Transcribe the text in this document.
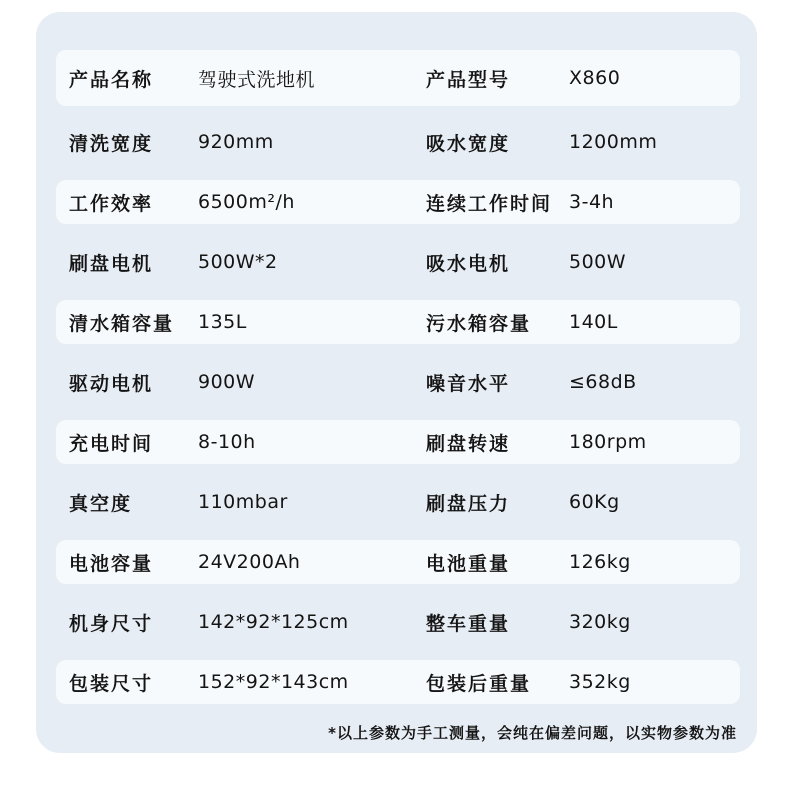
产品名称	驾驶式洗地机	产品型号	X860
清洗宽度	920mm	吸水宽度	1200mm
工作效率	6500m²/h	连续工作时间 3-4h
刷盘电机	500W*2	吸水电机	500W
清水箱容量	135L	污水箱容量	140L
驱动电机	900W	噪音水平	≤68dB
充电时间	8-10h	刷盘转速	180rpm
真空度	110mbar	刷盘压力	60Kg
电池容量	24V200Ah	电池重量	126kg
机身尺寸	142*92*125cm	整车重量	320kg
包装尺寸	152*92*143cm	包装后重量	352kg
*以上参数为手工测量，会纯在偏差问题，以实物参数为准
